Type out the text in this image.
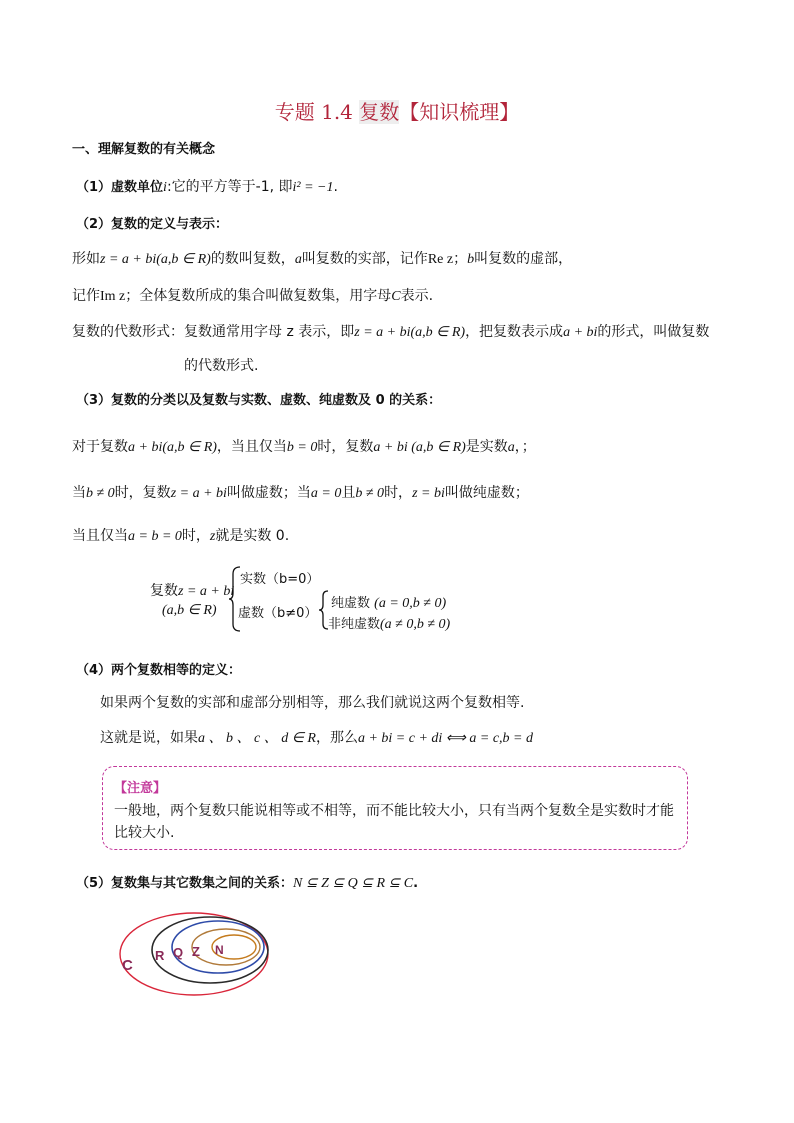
专题 1.4 复数【知识梳理】
一、理解复数的有关概念
（1）虚数单位i:它的平方等于-1, 即i² = −1.
（2）复数的定义与表示：
形如z = a + bi(a,b ∈ R)的数叫复数，a叫复数的实部，记作Re z；b叫复数的虚部，
记作Im z；全体复数所成的集合叫做复数集，用字母C表示.
复数的代数形式：复数通常用字母 z 表示，即z = a + bi(a,b ∈ R)，把复数表示成a + bi的形式，叫做复数
的代数形式.
（3）复数的分类以及复数与实数、虚数、纯虚数及 0 的关系：
对于复数a + bi(a,b ∈ R)，当且仅当b = 0时，复数a + bi (a,b ∈ R)是实数a，；
当b ≠ 0时，复数z = a + bi叫做虚数；当a = 0且b ≠ 0时，z = bi叫做纯虚数；
当且仅当a = b = 0时，z就是实数 0.
复数z = a + bi
(a,b ∈ R)
实数（b=0）
虚数（b≠0）
纯虚数 (a = 0,b ≠ 0)
非纯虚数(a ≠ 0,b ≠ 0)
（4）两个复数相等的定义：
如果两个复数的实部和虚部分别相等，那么我们就说这两个复数相等.
这就是说，如果a 、 b 、 c 、 d ∈ R，那么a + bi = c + di ⟺ a = c,b = d
【注意】
一般地，两个复数只能说相等或不相等，而不能比较大小，只有当两个复数全是实数时才能
比较大小.
（5）复数集与其它数集之间的关系：N ⊆ Z ⊆ Q ⊆ R ⊆ C.
C
R Q Z N
